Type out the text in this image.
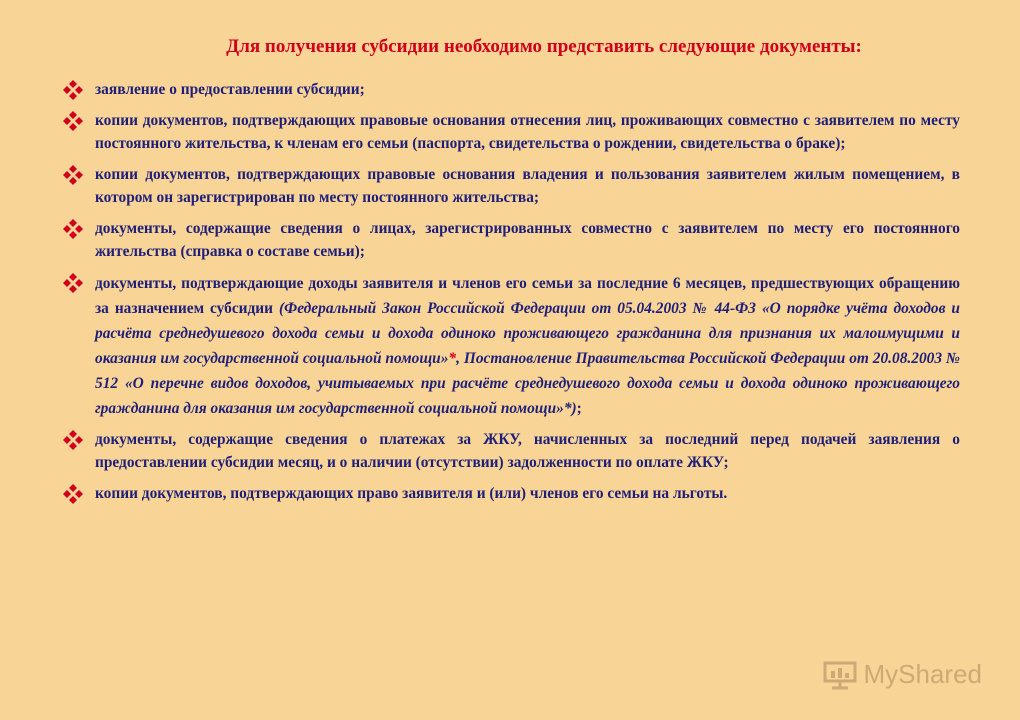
Для получения субсидии необходимо представить следующие документы:
заявление о предоставлении субсидии;
копии документов, подтверждающих правовые основания отнесения лиц, проживающих совместно с заявителем по месту постоянного жительства, к членам его семьи (паспорта, свидетельства о рождении, свидетельства о браке);
копии документов, подтверждающих правовые основания владения и пользования заявителем жилым помещением, в котором он зарегистрирован по месту постоянного жительства;
документы, содержащие сведения о лицах, зарегистрированных совместно с заявителем по месту его постоянного жительства (справка о составе семьи);
документы, подтверждающие доходы заявителя и членов его семьи за последние 6 месяцев, предшествующих обращению за назначением субсидии (Федеральный Закон Российской Федерации от 05.04.2003 № 44-ФЗ «О порядке учёта доходов и расчёта среднедушевого дохода семьи и дохода одиноко проживающего гражданина для признания их малоимущими и оказания им государственной социальной помощи»*, Постановление Правительства Российской Федерации от 20.08.2003 № 512 «О перечне видов доходов, учитываемых при расчёте среднедушевого дохода семьи и дохода одиноко проживающего гражданина для оказания им государственной социальной помощи»*);
документы, содержащие сведения о платежах за ЖКУ, начисленных за последний перед подачей заявления о предоставлении субсидии месяц, и о наличии (отсутствии) задолженности по оплате ЖКУ;
копии документов, подтверждающих право заявителя и (или) членов его семьи на льготы.
MyShared
